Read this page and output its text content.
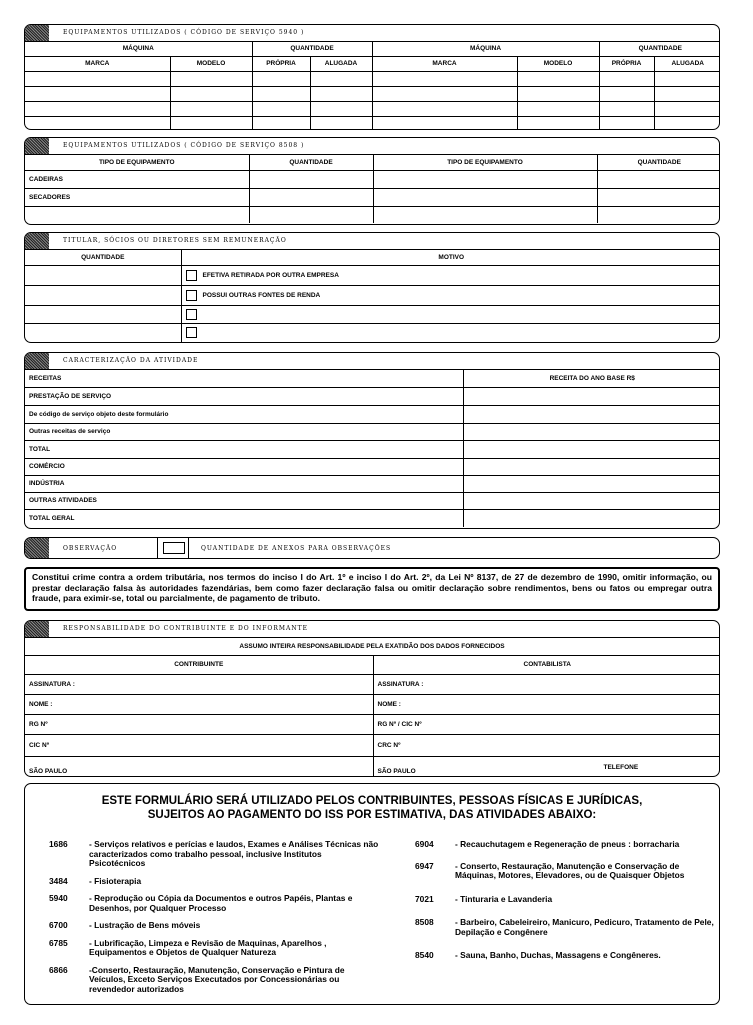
EQUIPAMENTOS UTILIZADOS ( CÓDIGO DE SERVIÇO 5940 )
MÁQUINA		QUANTIDADE		MÁQUINA		QUANTIDADE	
MARCA	MODELO	PRÓPRIA	ALUGADA	MARCA	MODELO	PRÓPRIA	ALUGADA

EQUIPAMENTOS UTILIZADOS ( CÓDIGO DE SERVIÇO 8508 )
TIPO DE EQUIPAMENTO	QUANTIDADE	TIPO DE EQUIPAMENTO	QUANTIDADE
CADEIRAS			
SECADORES			

TITULAR, SÓCIOS OU DIRETORES SEM REMUNERAÇÃO
QUANTIDADE	MOTIVO
	EFETIVA RETIRADA POR OUTRA EMPRESA
	POSSUI OUTRAS FONTES DE RENDA

CARACTERIZAÇÃO DA ATIVIDADE
RECEITAS	RECEITA DO ANO BASE R$
PRESTAÇÃO DE SERVIÇO	
De código de serviço objeto deste formulário	
Outras receitas de serviço	
TOTAL	
COMÉRCIO	
INDÚSTRIA	
OUTRAS ATIVIDADES	
TOTAL GERAL	
OBSERVAÇÃO	QUANTIDADE DE ANEXOS PARA OBSERVAÇÕES
Constitui crime contra a ordem tributária, nos termos do inciso I do Art. 1º e inciso I do Art. 2º, da Lei Nº 8137, de 27 de dezembro de 1990, omitir informação, ou prestar declaração falsa às autoridades fazendárias, bem como fazer declaração falsa ou omitir declaração sobre rendimentos, bens ou fatos ou empregar outra fraude, para eximir-se, total ou parcialmente, de pagamento de tributo.
RESPONSABILIDADE DO CONTRIBUINTE E DO INFORMANTE
ASSUMO INTEIRA RESPONSABILIDADE PELA EXATIDÃO DOS DADOS FORNECIDOS
CONTRIBUINTE	CONTABILISTA
ASSINATURA :	ASSINATURA :
NOME :	NOME :
RG Nº	RG Nº / CIC Nº
CIC Nº	CRC Nº
SÃO PAULO	SÃO PAULO
TELEFONE
ESTE FORMULÁRIO SERÁ UTILIZADO PELOS CONTRIBUINTES, PESSOAS FÍSICAS E JURÍDICAS,
SUJEITOS AO PAGAMENTO DO ISS POR ESTIMATIVA, DAS ATIVIDADES ABAIXO:
1686	- Serviços relativos e perícias e laudos, Exames e Análises Técnicas não caracterizados como trabalho pessoal, inclusive Institutos Psicotécnicos
3484	- Fisioterapia
5940	- Reprodução ou Cópia da Documentos e outros Papéis, Plantas e Desenhos, por Qualquer Processo
6700	- Lustração de Bens móveis
6785	- Lubrificação, Limpeza e Revisão de Maquinas, Aparelhos , Equipamentos e Objetos de Qualquer Natureza
6866	-Conserto, Restauração, Manutenção, Conservação e Pintura de Veículos, Exceto Serviços Executados por Concessionárias ou revendedor autorizados
6904	- Recauchutagem e Regeneração de pneus : borracharia
6947	- Conserto, Restauração, Manutenção e Conservação de Máquinas, Motores, Elevadores, ou de Quaisquer Objetos
7021	- Tinturaria e Lavanderia
8508	- Barbeiro, Cabeleireiro, Manicuro, Pedicuro, Tratamento de Pele, Depilação e Congênere
8540	- Sauna, Banho, Duchas, Massagens e Congêneres.
